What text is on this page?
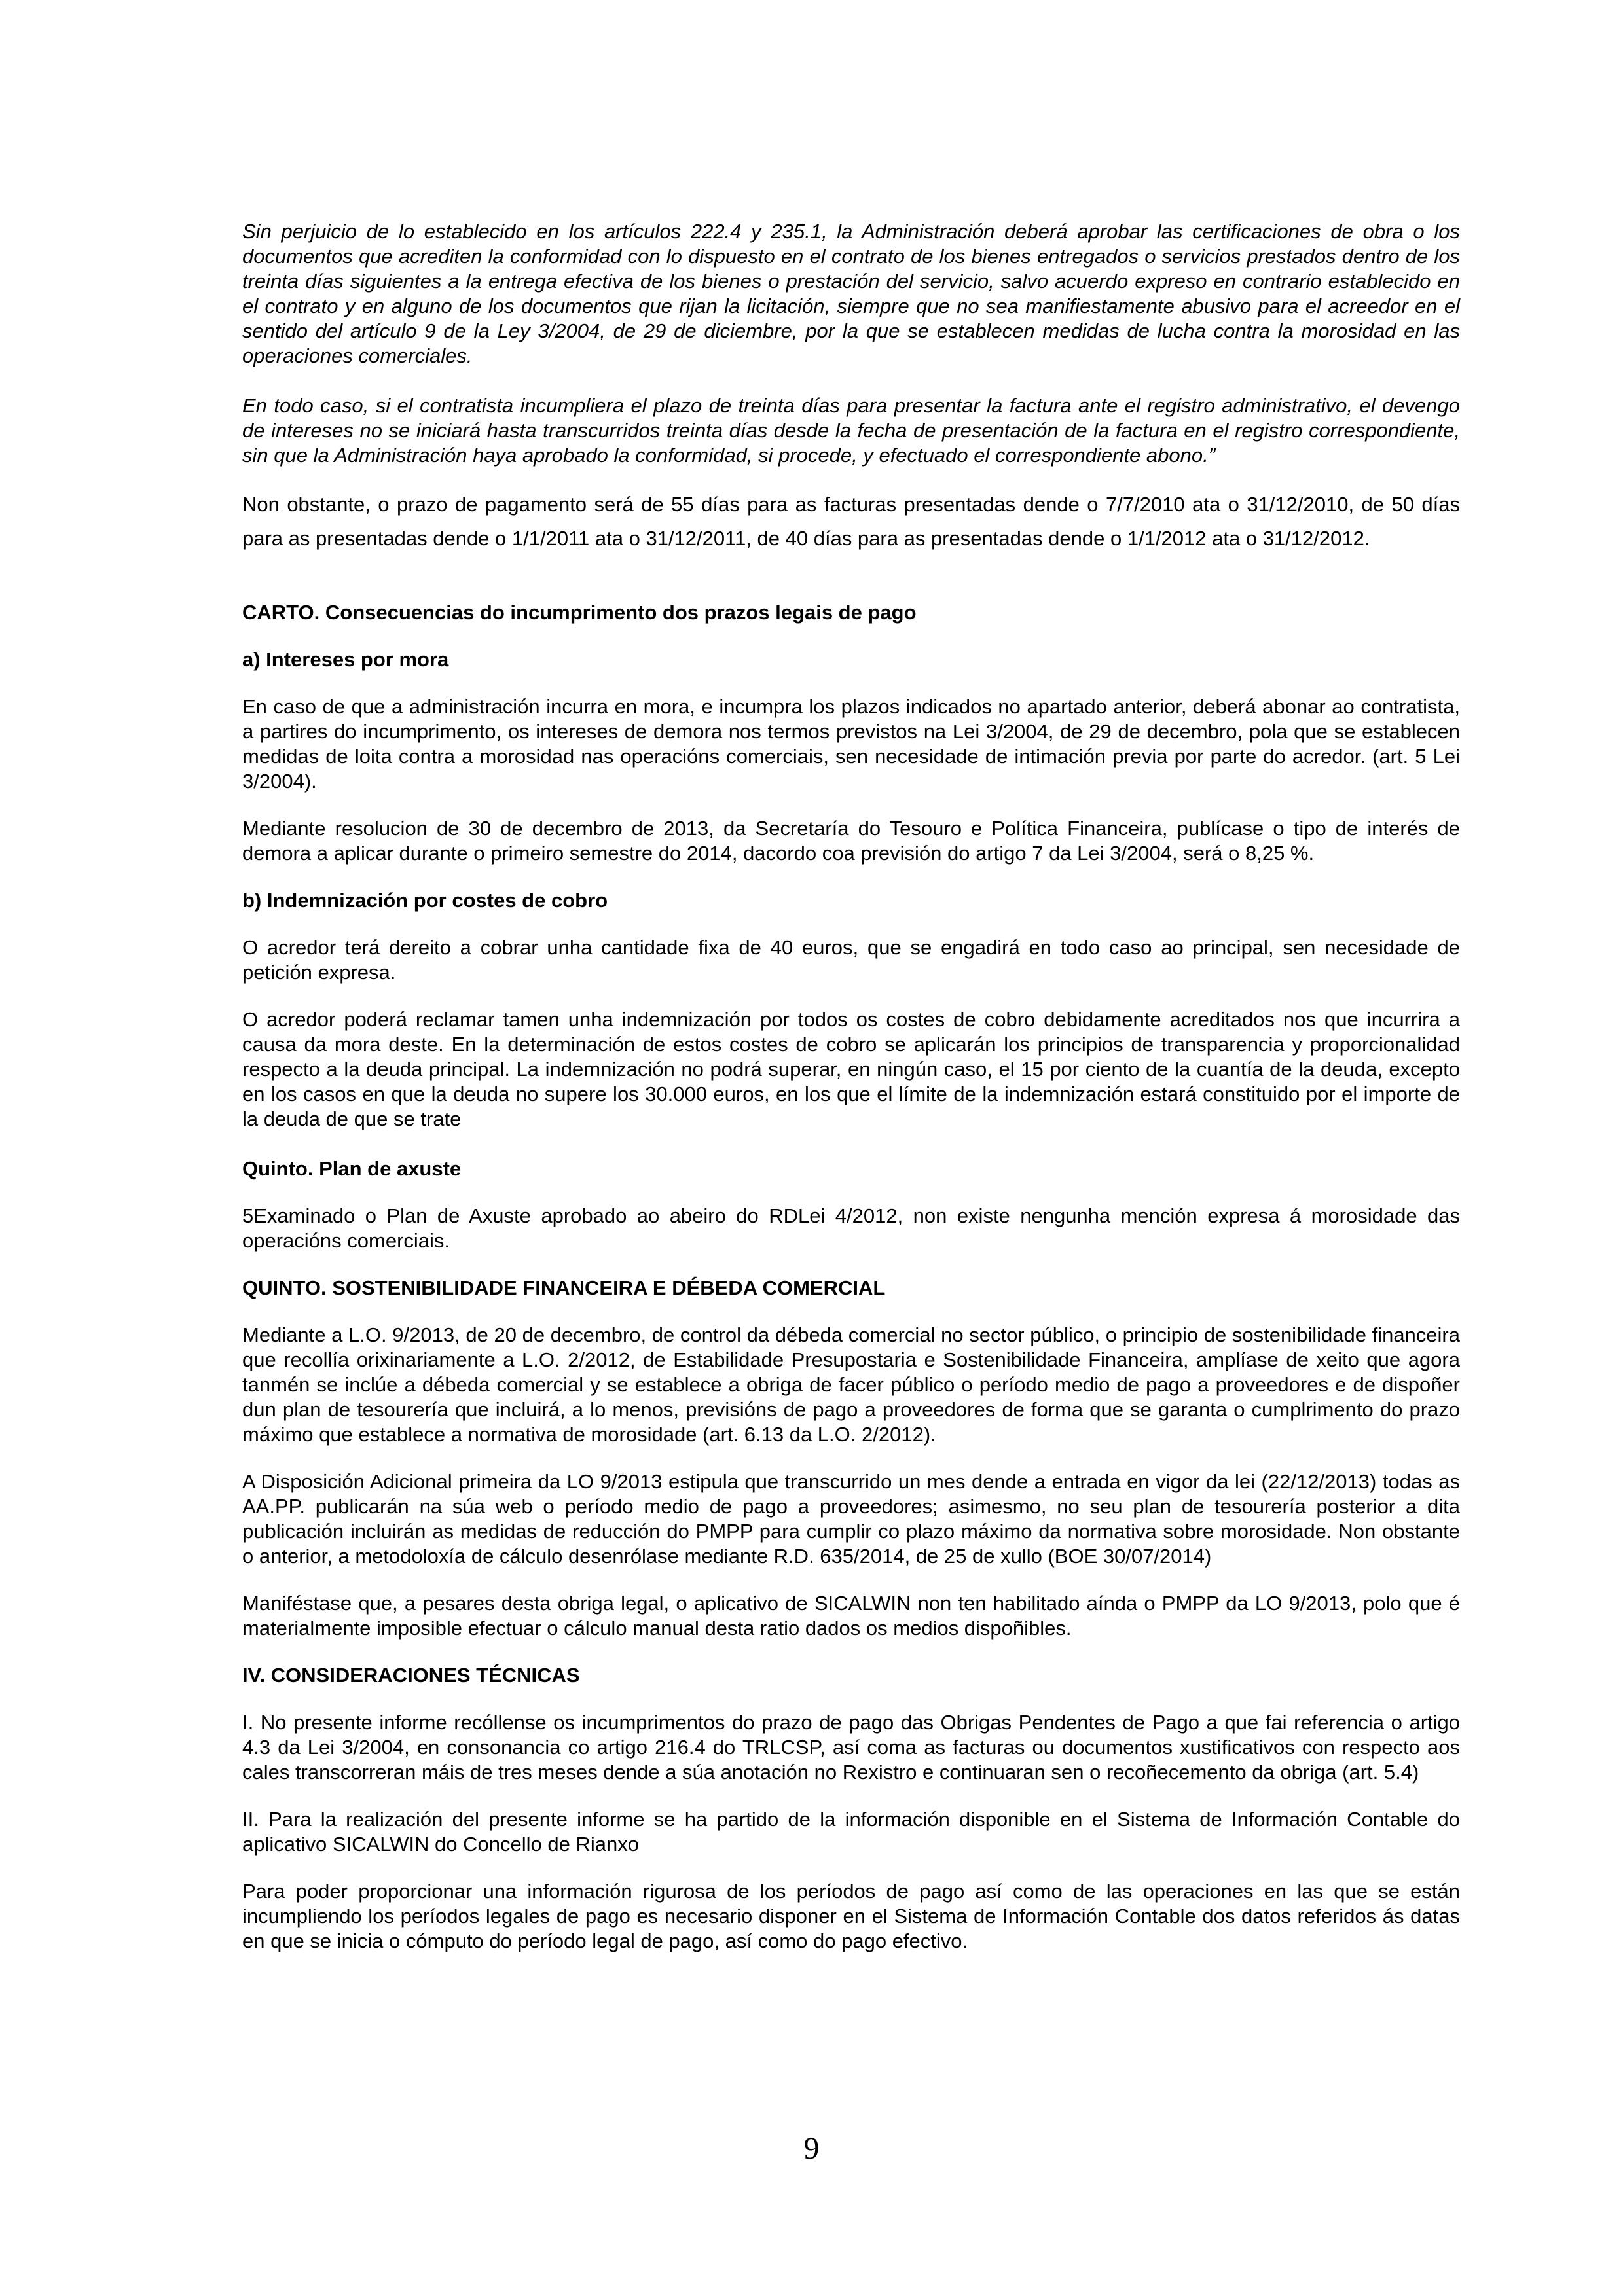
Sin perjuicio de lo establecido en los artículos 222.4 y 235.1, la Administración deberá aprobar las certificaciones de obra o los documentos que acrediten la conformidad con lo dispuesto en el contrato de los bienes entregados o servicios prestados dentro de los treinta días siguientes a la entrega efectiva de los bienes o prestación del servicio, salvo acuerdo expreso en contrario establecido en el contrato y en alguno de los documentos que rijan la licitación, siempre que no sea manifiestamente abusivo para el acreedor en el sentido del artículo 9 de la Ley 3/2004, de 29 de diciembre, por la que se establecen medidas de lucha contra la morosidad en las operaciones comerciales.

En todo caso, si el contratista incumpliera el plazo de treinta días para presentar la factura ante el registro administrativo, el devengo de intereses no se iniciará hasta transcurridos treinta días desde la fecha de presentación de la factura en el registro correspondiente, sin que la Administración haya aprobado la conformidad, si procede, y efectuado el correspondiente abono.”

Non obstante, o prazo de pagamento será de 55 días para as facturas presentadas dende o 7/7/2010 ata o 31/12/2010, de 50 días para as presentadas dende o 1/1/2011 ata o 31/12/2011, de 40 días para as presentadas dende o 1/1/2012 ata o 31/12/2012.

CARTO. Consecuencias do incumprimento dos prazos legais de pago

a) Intereses por mora

En caso de que a administración incurra en mora, e incumpra los plazos indicados no apartado anterior, deberá abonar ao contratista, a partires do incumprimento, os intereses de demora nos termos previstos na Lei 3/2004, de 29 de decembro, pola que se establecen medidas de loita contra a morosidad nas operacións comerciais, sen necesidade de intimación previa por parte do acredor. (art. 5 Lei 3/2004).

Mediante resolucion de 30 de decembro de 2013, da Secretaría do Tesouro e Política Financeira, publícase o tipo de interés de demora a aplicar durante o primeiro semestre do 2014, dacordo coa previsión do artigo 7 da Lei 3/2004, será o 8,25 %.

b) Indemnización por costes de cobro

O acredor terá dereito a cobrar unha cantidade fixa de 40 euros, que se engadirá en todo caso ao principal, sen necesidade de petición expresa.

O acredor poderá reclamar tamen unha indemnización por todos os costes de cobro debidamente acreditados nos que incurrira a causa da mora deste. En la determinación de estos costes de cobro se aplicarán los principios de transparencia y proporcionalidad respecto a la deuda principal. La indemnización no podrá superar, en ningún caso, el 15 por ciento de la cuantía de la deuda, excepto en los casos en que la deuda no supere los 30.000 euros, en los que el límite de la indemnización estará constituido por el importe de la deuda de que se trate

Quinto. Plan de axuste

5Examinado o Plan de Axuste aprobado ao abeiro do RDLei 4/2012, non existe nengunha mención expresa á morosidade das operacións comerciais.

QUINTO. SOSTENIBILIDADE FINANCEIRA E DÉBEDA COMERCIAL

Mediante a L.O. 9/2013, de 20 de decembro, de control da débeda comercial no sector público, o principio de sostenibilidade financeira que recollía orixinariamente a L.O. 2/2012, de Estabilidade Presupostaria e Sostenibilidade Financeira, amplíase de xeito que agora tanmén se inclúe a débeda comercial y se establece a obriga de facer público o período medio de pago a proveedores e de dispoñer dun plan de tesourería que incluirá, a lo menos, previsións de pago a proveedores de forma que se garanta o cumplrimento do prazo máximo que establece a normativa de morosidade (art. 6.13 da L.O. 2/2012).

A Disposición Adicional primeira da LO 9/2013 estipula que transcurrido un mes dende a entrada en vigor da lei (22/12/2013) todas as AA.PP. publicarán na súa web o período medio de pago a proveedores; asimesmo, no seu plan de tesourería posterior a dita publicación incluirán as medidas de reducción do PMPP para cumplir co plazo máximo da normativa sobre morosidade. Non obstante o anterior, a metodoloxía de cálculo desenrólase mediante R.D. 635/2014, de 25 de xullo (BOE 30/07/2014)

Maniféstase que, a pesares desta obriga legal, o aplicativo de SICALWIN non ten habilitado aínda o PMPP da LO 9/2013, polo que é materialmente imposible efectuar o cálculo manual desta ratio dados os medios dispoñibles.

IV. CONSIDERACIONES TÉCNICAS

I. No presente informe recóllense os incumprimentos do prazo de pago das Obrigas Pendentes de Pago a que fai referencia o artigo 4.3 da Lei 3/2004, en consonancia co artigo 216.4 do TRLCSP, así coma as facturas ou documentos xustificativos con respecto aos cales transcorreran máis de tres meses dende a súa anotación no Rexistro e continuaran sen o recoñecemento da obriga (art. 5.4)

II. Para la realización del presente informe se ha partido de la información disponible en el Sistema de Información Contable do aplicativo SICALWIN do Concello de Rianxo

Para poder proporcionar una información rigurosa de los períodos de pago así como de las operaciones en las que se están incumpliendo los períodos legales de pago es necesario disponer en el Sistema de Información Contable dos datos referidos ás datas en que se inicia o cómputo do período legal de pago, así como do pago efectivo.

9
